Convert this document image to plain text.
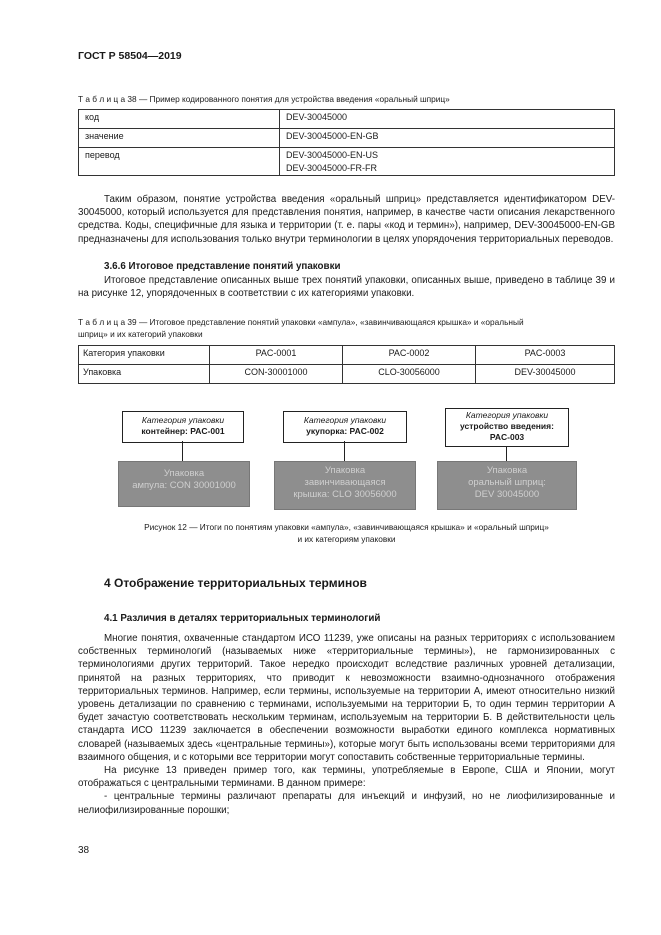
ГОСТ Р 58504—2019
Т а б л и ц а 38 — Пример кодированного понятия для устройства введения «оральный шприц»
код	DEV-30045000
значение	DEV-30045000-EN-GB
перевод	DEV-30045000-EN-US
DEV-30045000-FR-FR

Таким образом, понятие устройства введения «оральный шприц» представляется идентификатором DEV-30045000, который используется для представления понятия, например, в качестве части описания лекарственного средства. Коды, специфичные для языка и территории (т. е. пары «код и термин»), например, DEV-30045000-EN-GB предназначены для использования только внутри терминологии в целях упорядочения территориальных переводов.

3.6.6 Итоговое представление понятий упаковки

Итоговое представление описанных выше трех понятий упаковки, описанных выше, приведено в таблице 39 и на рисунке 12, упорядоченных в соответствии с их категориями упаковки.

Т а б л и ц а 39 — Итоговое представление понятий упаковки «ампула», «завинчивающаяся крышка» и «оральный
шприц» и их категорий упаковки
Категория упаковки	PAC-0001	PAC-0002	PAC-0003
Упаковка	CON-30001000	CLO-30056000	DEV-30045000
Категория упаковки
контейнер: PAC-001
Упаковка
ампула: CON 30001000
Категория упаковки
укупорка: PAC-002
Упаковка
завинчивающаяся
крышка: CLO 30056000
Категория упаковки
устройство введения:
PAC-003
Упаковка
оральный шприц:
DEV 30045000
Рисунок 12 — Итоги по понятиям упаковки «ампула», «завинчивающаяся крышка» и «оральный шприц»
и их категориям упаковки
4 Отображение территориальных терминов
4.1 Различия в деталях территориальных терминологий

Многие понятия, охваченные стандартом ИСО 11239, уже описаны на разных территориях с использованием собственных терминологий (называемых ниже «территориальные термины»), не гармонизированных с терминологиями других территорий. Такое нередко происходит вследствие различных уровней детализации, принятой на разных территориях, что приводит к невозможности взаимно-однозначного отображения территориальных терминов. Например, если термины, используемые на территории А, имеют относительно низкий уровень детализации по сравнению с терминами, используемыми на территории Б, то один термин территории А будет зачастую соответствовать нескольким терминам, используемым на территории Б. В действительности цель стандарта ИСО 11239 заключается в обеспечении возможности выработки единого комплекса нормативных словарей (называемых здесь «центральные термины»), которые могут быть использованы всеми территориями для взаимного общения, и с которыми все территории могут сопоставить собственные территориальные термины.

На рисунке 13 приведен пример того, как термины, употребляемые в Европе, США и Японии, могут отображаться с центральными терминами. В данном примере:

- центральные термины различают препараты для инъекций и инфузий, но не лиофилизированные и нелиофилизированные порошки;

38
